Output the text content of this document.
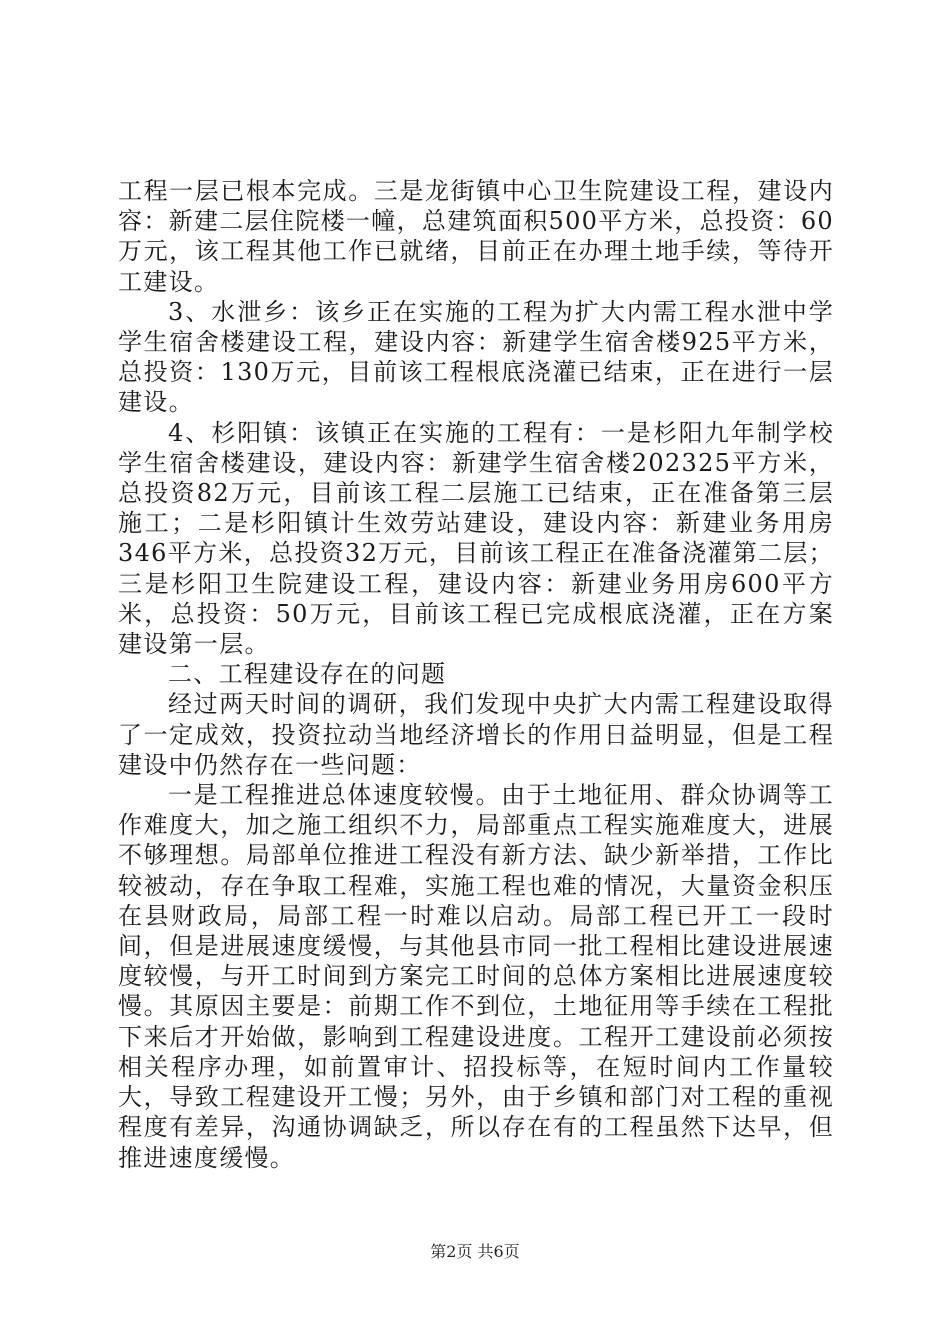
工程一层已根本完成。三是龙街镇中心卫生院建设工程，建设内容：新建二层住院楼一幢，总建筑面积500平方米，总投资：60万元，该工程其他工作已就绪，目前正在办理土地手续，等待开工建设。

3、水泄乡：该乡正在实施的工程为扩大内需工程水泄中学学生宿舍楼建设工程，建设内容：新建学生宿舍楼925平方米，总投资：130万元，目前该工程根底浇灌已结束，正在进行一层建设。

4、杉阳镇：该镇正在实施的工程有：一是杉阳九年制学校学生宿舍楼建设，建设内容：新建学生宿舍楼202325平方米，总投资82万元，目前该工程二层施工已结束，正在准备第三层施工；二是杉阳镇计生效劳站建设，建设内容：新建业务用房346平方米，总投资32万元，目前该工程正在准备浇灌第二层；三是杉阳卫生院建设工程，建设内容：新建业务用房600平方米，总投资：50万元，目前该工程已完成根底浇灌，正在方案建设第一层。

二、工程建设存在的问题

经过两天时间的调研，我们发现中央扩大内需工程建设取得了一定成效，投资拉动当地经济增长的作用日益明显，但是工程建设中仍然存在一些问题：

一是工程推进总体速度较慢。由于土地征用、群众协调等工作难度大，加之施工组织不力，局部重点工程实施难度大，进展不够理想。局部单位推进工程没有新方法、缺少新举措，工作比较被动，存在争取工程难，实施工程也难的情况，大量资金积压在县财政局，局部工程一时难以启动。局部工程已开工一段时间，但是进展速度缓慢，与其他县市同一批工程相比建设进展速度较慢，与开工时间到方案完工时间的总体方案相比进展速度较慢。其原因主要是：前期工作不到位，土地征用等手续在工程批下来后才开始做，影响到工程建设进度。工程开工建设前必须按相关程序办理，如前置审计、招投标等，在短时间内工作量较大，导致工程建设开工慢；另外，由于乡镇和部门对工程的重视程度有差异，沟通协调缺乏，所以存在有的工程虽然下达早，但推进速度缓慢。

第2页 共6页
